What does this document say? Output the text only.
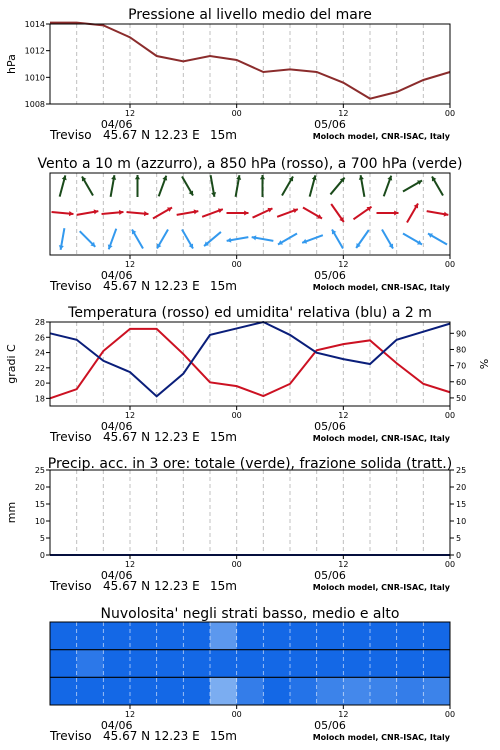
Pressione al livello medio del mare
Vento a 10 m (azzurro), a 850 hPa (rosso), a 700 hPa (verde)
Temperatura (rosso) ed umidita' relativa (blu) a 2 m
Precip. acc. in 3 ore: totale (verde), frazione solida (tratt.)
Nuvolosita' negli strati basso, medio e alto
1008
1010
1012
1014
hPa
12	00	12	00
04/06	05/06
Treviso 45.67 N 12.23 E 15m	Moloch model, CNR-ISAC, Italy
12	00	12	00
04/06	05/06
Treviso 45.67 N 12.23 E 15m	Moloch model, CNR-ISAC, Italy
18
20
22
24
26
28
50
60
70
80
90
gradi C	%
12	00	12	00
04/06	05/06
Treviso 45.67 N 12.23 E 15m	Moloch model, CNR-ISAC, Italy
0
5
10
15
20
25
0
5
10
15
20
25
mm
12	00	12	00
04/06	05/06
Treviso 45.67 N 12.23 E 15m	Moloch model, CNR-ISAC, Italy
12	00	12	00
04/06	05/06
Treviso 45.67 N 12.23 E 15m	Moloch model, CNR-ISAC, Italy
